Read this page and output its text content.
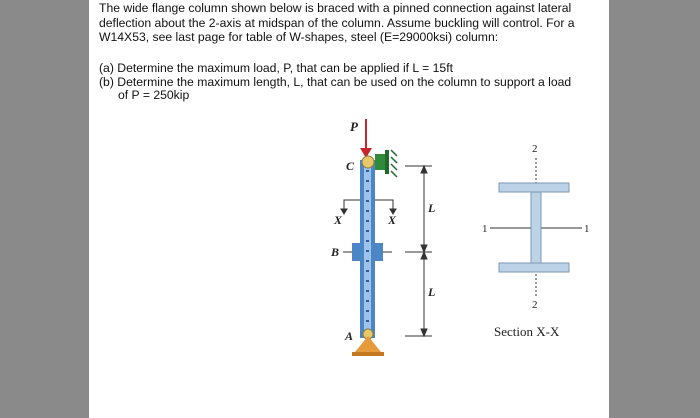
The wide flange column shown below is braced with a pinned connection against lateral
deflection about the 2-axis at midspan of the column. Assume buckling will control. For a
W14X53, see last page for table of W-shapes, steel (E=29000ksi) column:

(a) Determine the maximum load, P, that can be applied if L = 15ft
(b) Determine the maximum length, L, that can be used on the column to support a load
of P = 250kip
P
C
B
X	X
A
L
L
2
2
1	1
Section X-X
